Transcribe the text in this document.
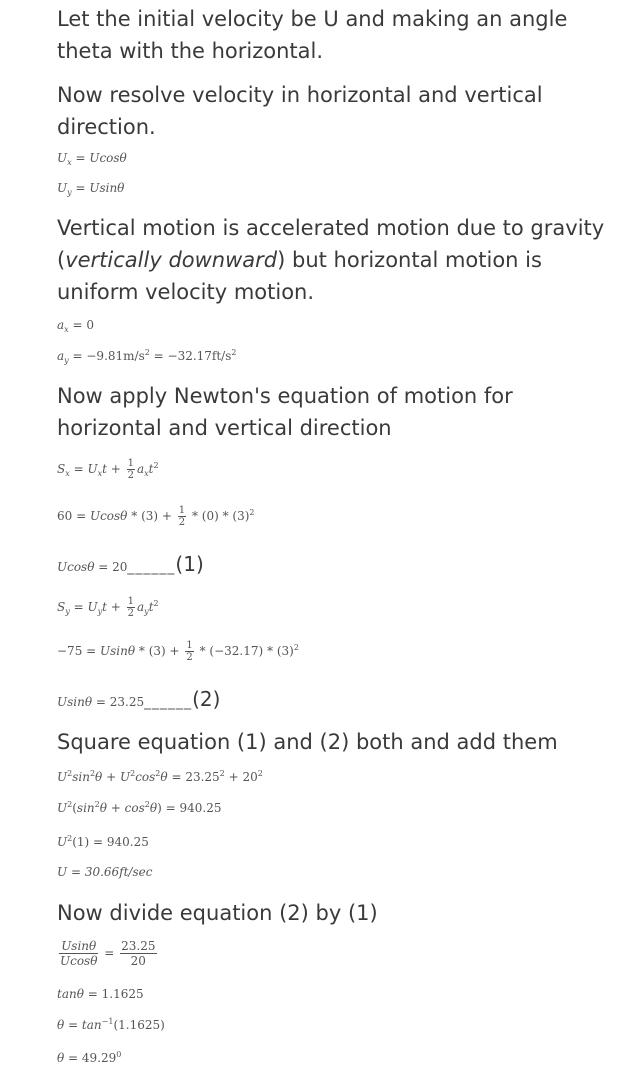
Let the initial velocity be U and making an angle theta with the horizontal.

Now resolve velocity in horizontal and vertical direction.

$U_x = Ucos\theta$
$U_y = Usin\theta$

Vertical motion is accelerated motion due to gravity (vertically downward) but horizontal motion is uniform velocity motion.

$a_x = 0$
$a_y = -9.81m/s^2 = -32.17ft/s^2$

Now apply Newton's equation of motion for horizontal and vertical direction

$S_x = U_xt + \frac{1}{2} a_xt^2$
$60 = Ucos\theta * (3) + \frac{1}{2} * (0) * (3)^2$
Ucosθ = 20______(1)
$S_y = U_yt + \frac{1}{2} a_yt^2$
$-75 = Usin\theta * (3) + \frac{1}{2} * (-32.17) * (3)^2$
Usinθ = 23.25______(2)

Square equation (1) and (2) both and add them

$U^2\sin^2\theta + U^2\cos^2\theta = 23.25^2 + 20^2$
$U^2(\sin^2\theta + \cos^2\theta) = 940.25$
$U^2(1) = 940.25$
U = 30.66ft/sec

Now divide equation (2) by (1)

$\frac{Usin\theta}{Ucos\theta} = \frac{23.25}{20}$
tanθ = 1.1625
$\theta = \tan^{-1}(1.1625)$
$\theta = 49.29^0$
